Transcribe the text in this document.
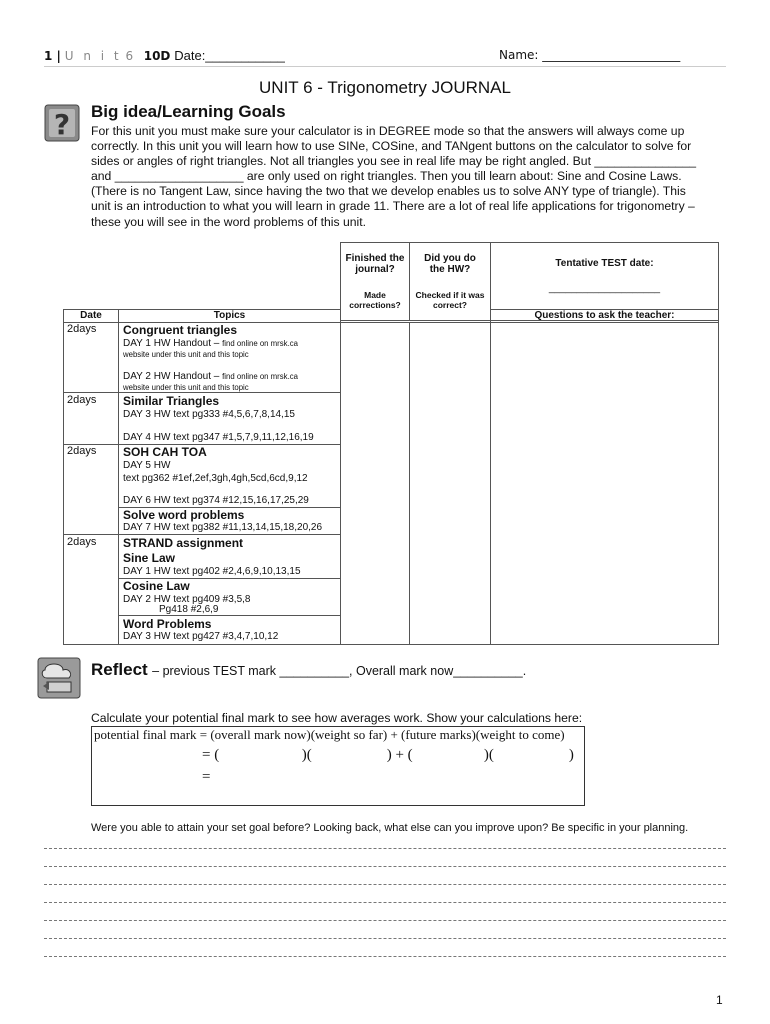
1 | U n i t 6 10D Date:___________	Name: _______________________
UNIT 6 - Trigonometry JOURNAL
? Big idea/Learning Goals
For this unit you must make sure your calculator is in DEGREE mode so that the answers will always come up
correctly. In this unit you will learn how to use SINe, COSine, and TANgent buttons on the calculator to solve for
sides or angles of right triangles. Not all triangles you see in real life may be right angled. But _______________
and ___________________ are only used on right triangles. Then you till learn about: Sine and Cosine Laws.
(There is no Tangent Law, since having the two that we develop enables us to solve ANY type of triangle). This
unit is an introduction to what you will learn in grade 11. There are a lot of real life applications for trigonometry –
these you will see in the word problems of this unit.
Finished the journal?
Made corrections?
Did you do the HW?
Checked if it was correct?
Tentative TEST date:
____________________
Date	Topics	Questions to ask the teacher:
2days Congruent triangles
DAY 1 HW Handout – find online on mrsk.ca
website under this unit and this topic
DAY 2 HW Handout – find online on mrsk.ca
website under this unit and this topic
2days Similar Triangles
DAY 3 HW text pg333 #4,5,6,7,8,14,15
DAY 4 HW text pg347 #1,5,7,9,11,12,16,19
2days SOH CAH TOA
DAY 5 HW
text pg362 #1ef,2ef,3gh,4gh,5cd,6cd,9,12
DAY 6 HW text pg374 #12,15,16,17,25,29
Solve word problems
DAY 7 HW text pg382 #11,13,14,15,18,20,26
2days STRAND assignment
Sine Law
DAY 1 HW text pg402 #2,4,6,9,10,13,15
Cosine Law
DAY 2 HW text pg409 #3,5,8
Pg418 #2,6,9
Word Problems
DAY 3 HW text pg427 #3,4,7,10,12
Reflect – previous TEST mark __________, Overall mark now__________.
Calculate your potential final mark to see how averages work. Show your calculations here:
potential final mark = (overall mark now)(weight so far) + (future marks)(weight to come)
= (                      )(                    ) + (                   )(                    )
=
Were you able to attain your set goal before? Looking back, what else can you improve upon? Be specific in your planning.
1
